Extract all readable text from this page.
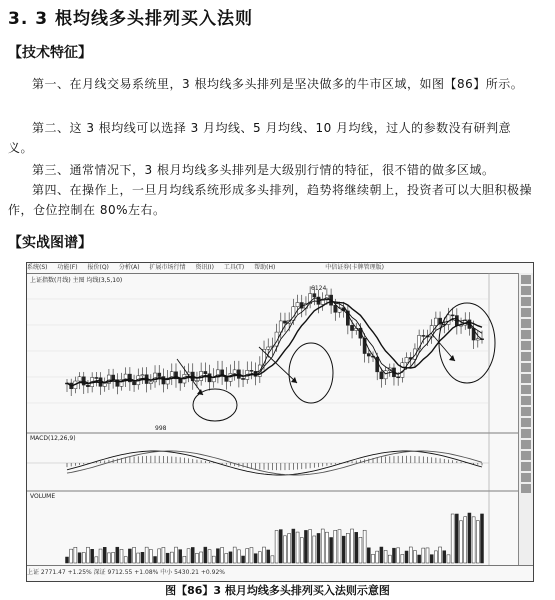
3. 3 根均线多头排列买入法则
【技术特征】
第一、在月线交易系统里，3 根均线多头排列是坚决做多的牛市区域，如图【86】所示。
第二、这 3 根均线可以选择 3 月均线、5 月均线、10 月均线，过人的参数没有研判意义。
第三、通常情况下，3 根月均线多头排列是大级别行情的特征，很不错的做多区域。
第四、在操作上，一旦月均线系统形成多头排列，趋势将继续朝上，投资者可以大胆积极操作，仓位控制在 80%左右。
【实战图谱】
系统(S) 功能(F) 报价(Q) 分析(A) 扩展市场行情 资讯(I) 工具(T) 帮助(H)	中信证券(卡牌管理版)
上证指数(月线) 主图 均线(3,5,10)
MACD(12,26,9)
VOLUME
6124
998
上证 2771.47 +1.25% 深证 9712.55 +1.08% 中小 5430.21 +0.92%
图【86】3 根月均线多头排列买入法则示意图
